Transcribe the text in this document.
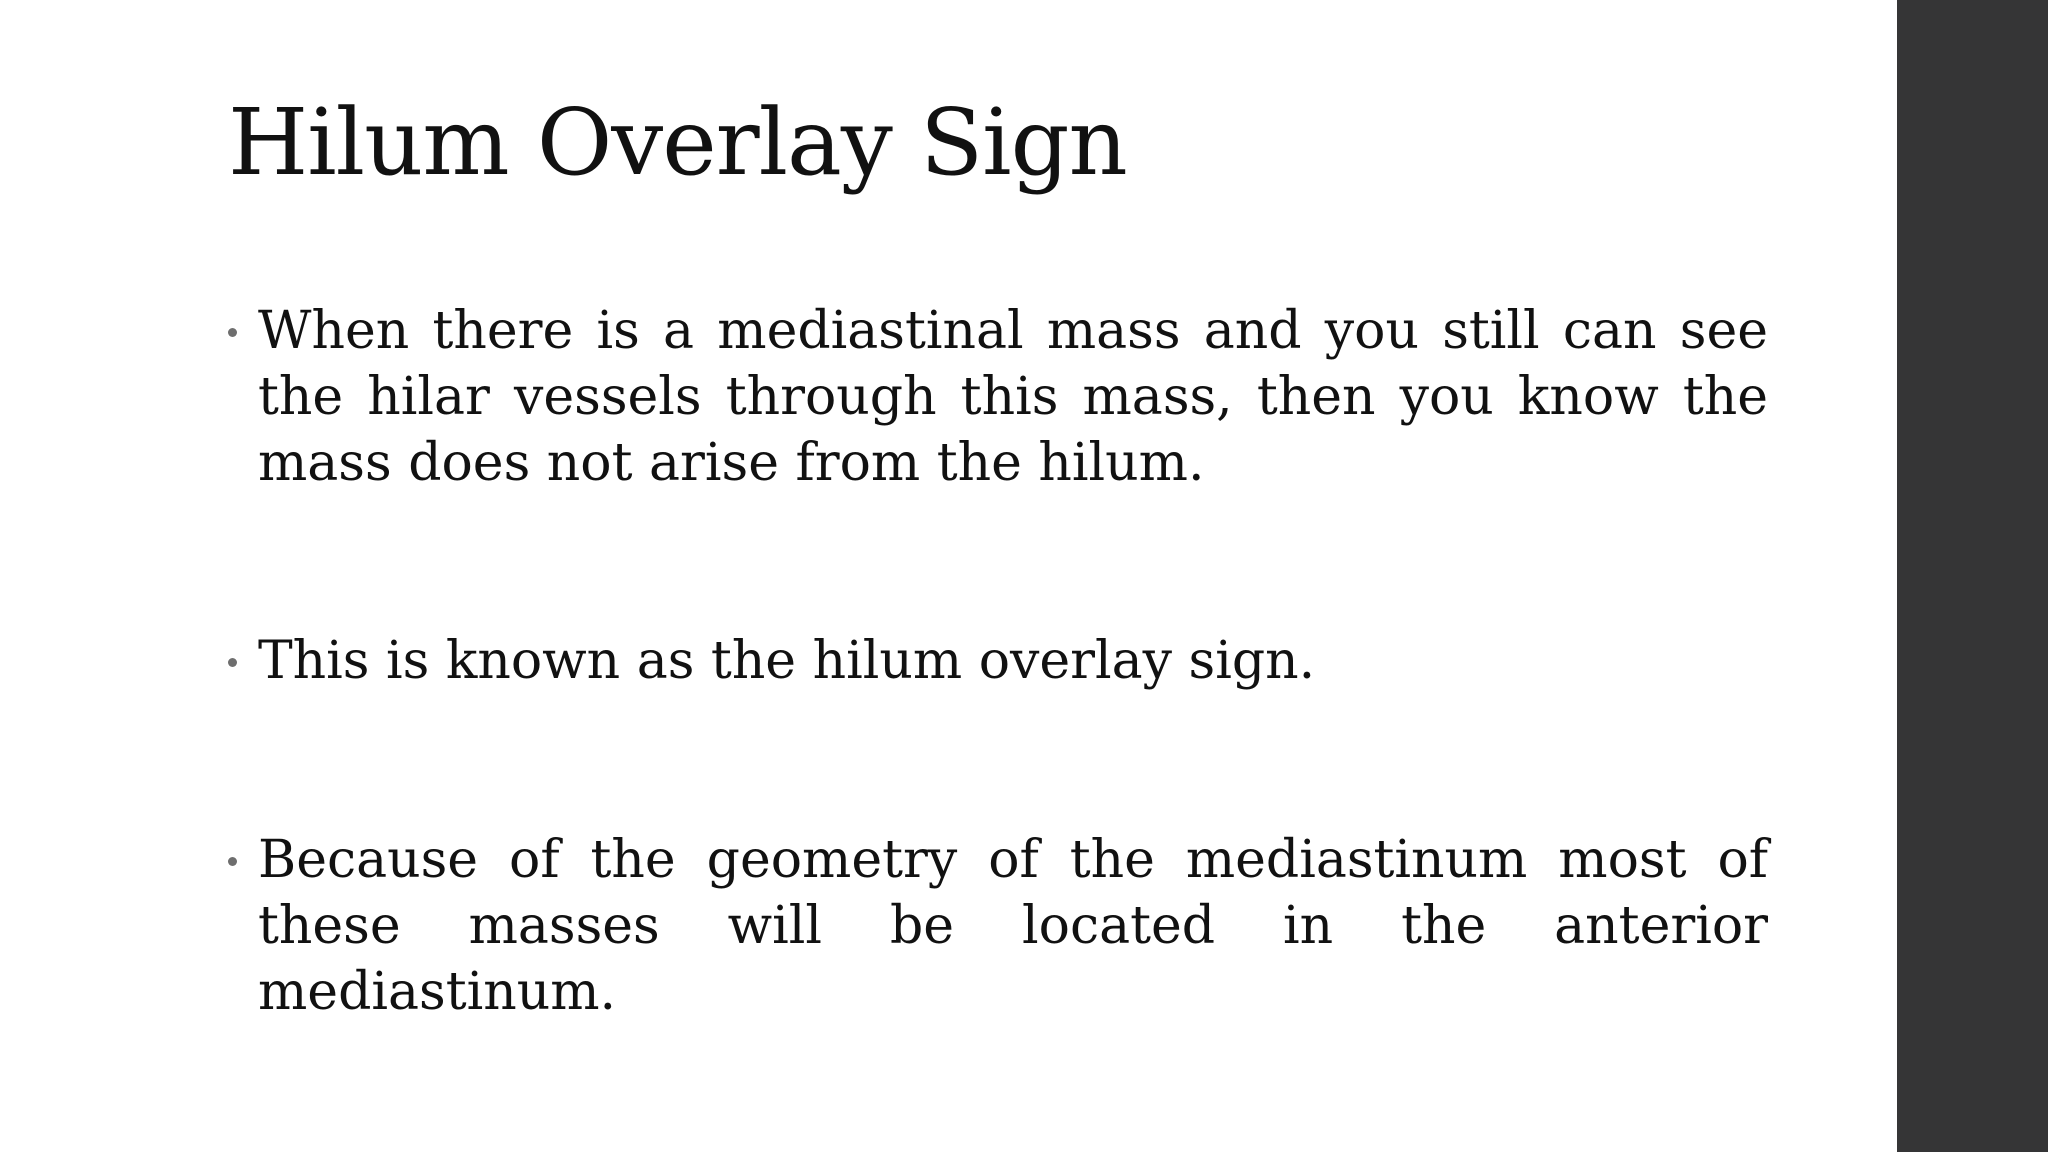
Hilum Overlay Sign
When there is a mediastinal mass and you still can see the hilar vessels through this mass, then you know the mass does not arise from the hilum.
This is known as the hilum overlay sign.
Because of the geometry of the mediastinum most of these masses will be located in the anterior mediastinum.
